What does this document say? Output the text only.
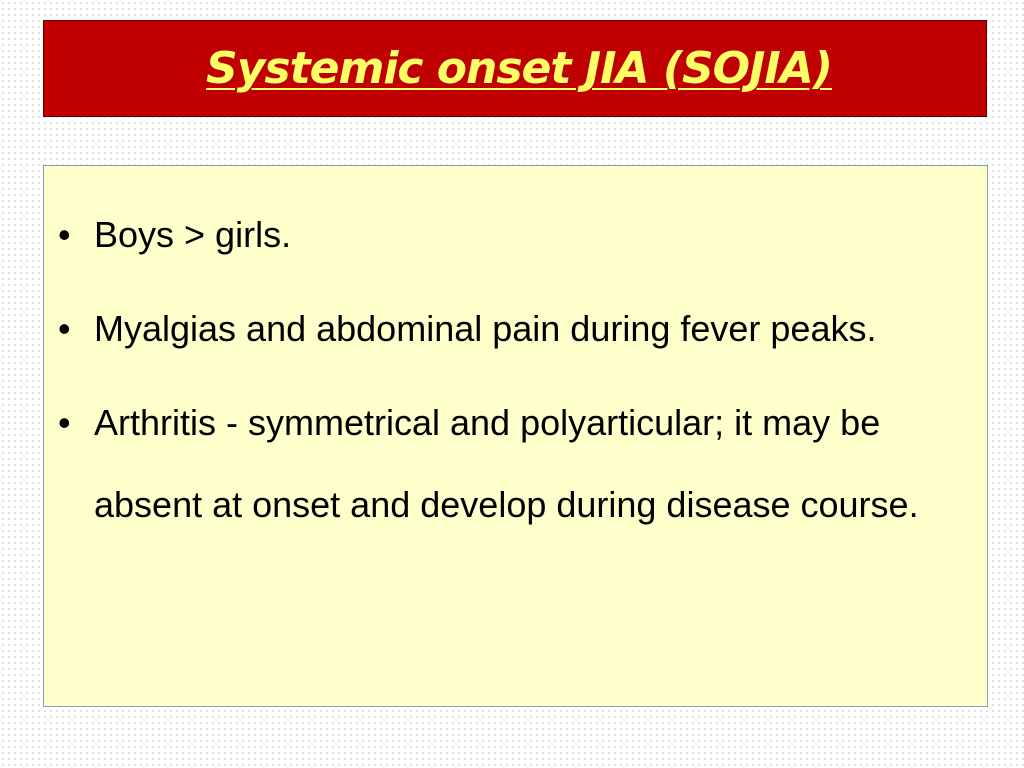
Systemic onset JIA (SOJIA)
• Boys > girls.
• Myalgias and abdominal pain during fever peaks.
• Arthritis - symmetrical and polyarticular; it may be absent at onset and develop during disease course.
